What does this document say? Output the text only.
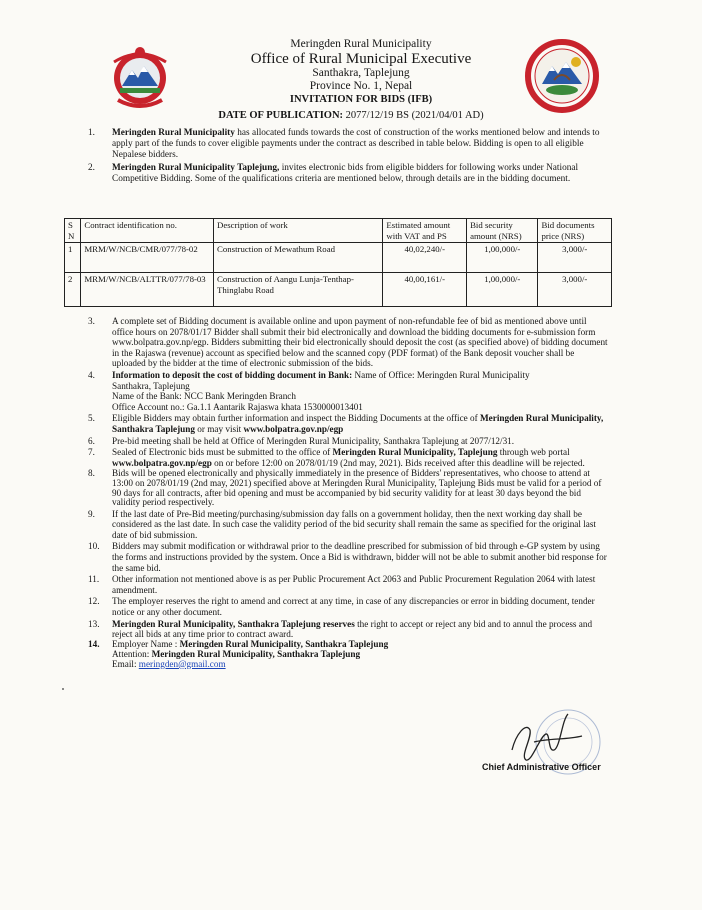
Meringden Rural Municipality
Office of Rural Municipal Executive
Santhakra, Taplejung
Province No. 1, Nepal
INVITATION FOR BIDS (IFB)
DATE OF PUBLICATION: 2077/12/19 BS (2021/04/01 AD)
1. Meringden Rural Municipality has allocated funds towards the cost of construction of the works mentioned below and intends to apply part of the funds to cover eligible payments under the contract as described in table below. Bidding is open to all eligible Nepalese bidders.
2. Meringden Rural Municipality Taplejung, invites electronic bids from eligible bidders for following works under National Competitive Bidding. Some of the qualifications criteria are mentioned below, through details are in the bidding document.
S N	Contract identification no.	Description of work	Estimated amount with VAT and PS	Bid security amount (NRS)	Bid documents price (NRS)
1	MRM/W/NCB/CMR/077/78-02	Construction of Mewathum Road	40,02,240/-	1,00,000/-	3,000/-
2	MRM/W/NCB/ALTTR/077/78-03	Construction of Aangu Lunja-Tenthap-Thinglabu Road	40,00,161/-	1,00,000/-	3,000/-
3. A complete set of Bidding document is available online and upon payment of non-refundable fee of bid as mentioned above until office hours on 2078/01/17 Bidder shall submit their bid electronically and download the bidding documents for e-submission form www.bolpatra.gov.np/egp. Bidders submitting their bid electronically should deposit the cost (as specified above) of bidding document in the Rajaswa (revenue) account as specified below and the scanned copy (PDF format) of the Bank deposit voucher shall be uploaded by the bidder at the time of electronic submission of the bids.
4. Information to deposit the cost of bidding document in Bank: Name of Office: Meringden Rural Municipality
Santhakra, Taplejung
Name of the Bank: NCC Bank Meringden Branch
Office Account no.: Ga.1.1 Aantarik Rajaswa khata 1530000013401
5. Eligible Bidders may obtain further information and inspect the Bidding Documents at the office of Meringden Rural Municipality, Santhakra Taplejung or may visit www.bolpatra.gov.np/egp
6. Pre-bid meeting shall be held at Office of Meringden Rural Municipality, Santhakra Taplejung at 2077/12/31.
7. Sealed of Electronic bids must be submitted to the office of Meringden Rural Municipality, Taplejung through web portal www.bolpatra.gov.np/egp on or before 12:00 on 2078/01/19 (2nd may, 2021). Bids received after this deadline will be rejected.
8. Bids will be opened electronically and physically immediately in the presence of Bidders' representatives, who choose to attend at 13:00 on 2078/01/19 (2nd may, 2021) specified above at Meringden Rural Municipality, Taplejung Bids must be valid for a period of 90 days for all contracts, after bid opening and must be accompanied by bid security validity for at least 30 days beyond the bid validity period respectively.
9. If the last date of Pre-Bid meeting/purchasing/submission day falls on a government holiday, then the next working day shall be considered as the last date. In such case the validity period of the bid security shall remain the same as specified for the original last date of bid submission.
10. Bidders may submit modification or withdrawal prior to the deadline prescribed for submission of bid through e-GP system by using the forms and instructions provided by the system. Once a Bid is withdrawn, bidder will not be able to submit another bid response for the same bid.
11. Other information not mentioned above is as per Public Procurement Act 2063 and Public Procurement Regulation 2064 with latest amendment.
12. The employer reserves the right to amend and correct at any time, in case of any discrepancies or error in bidding document, tender notice or any other document.
13. Meringden Rural Municipality, Santhakra Taplejung reserves the right to accept or reject any bid and to annul the process and reject all bids at any time prior to contract award.
14. Employer Name : Meringden Rural Municipality, Santhakra Taplejung
Attention: Meringden Rural Municipality, Santhakra Taplejung
Email: meringden@gmail.com
Chief Administrative Officer
